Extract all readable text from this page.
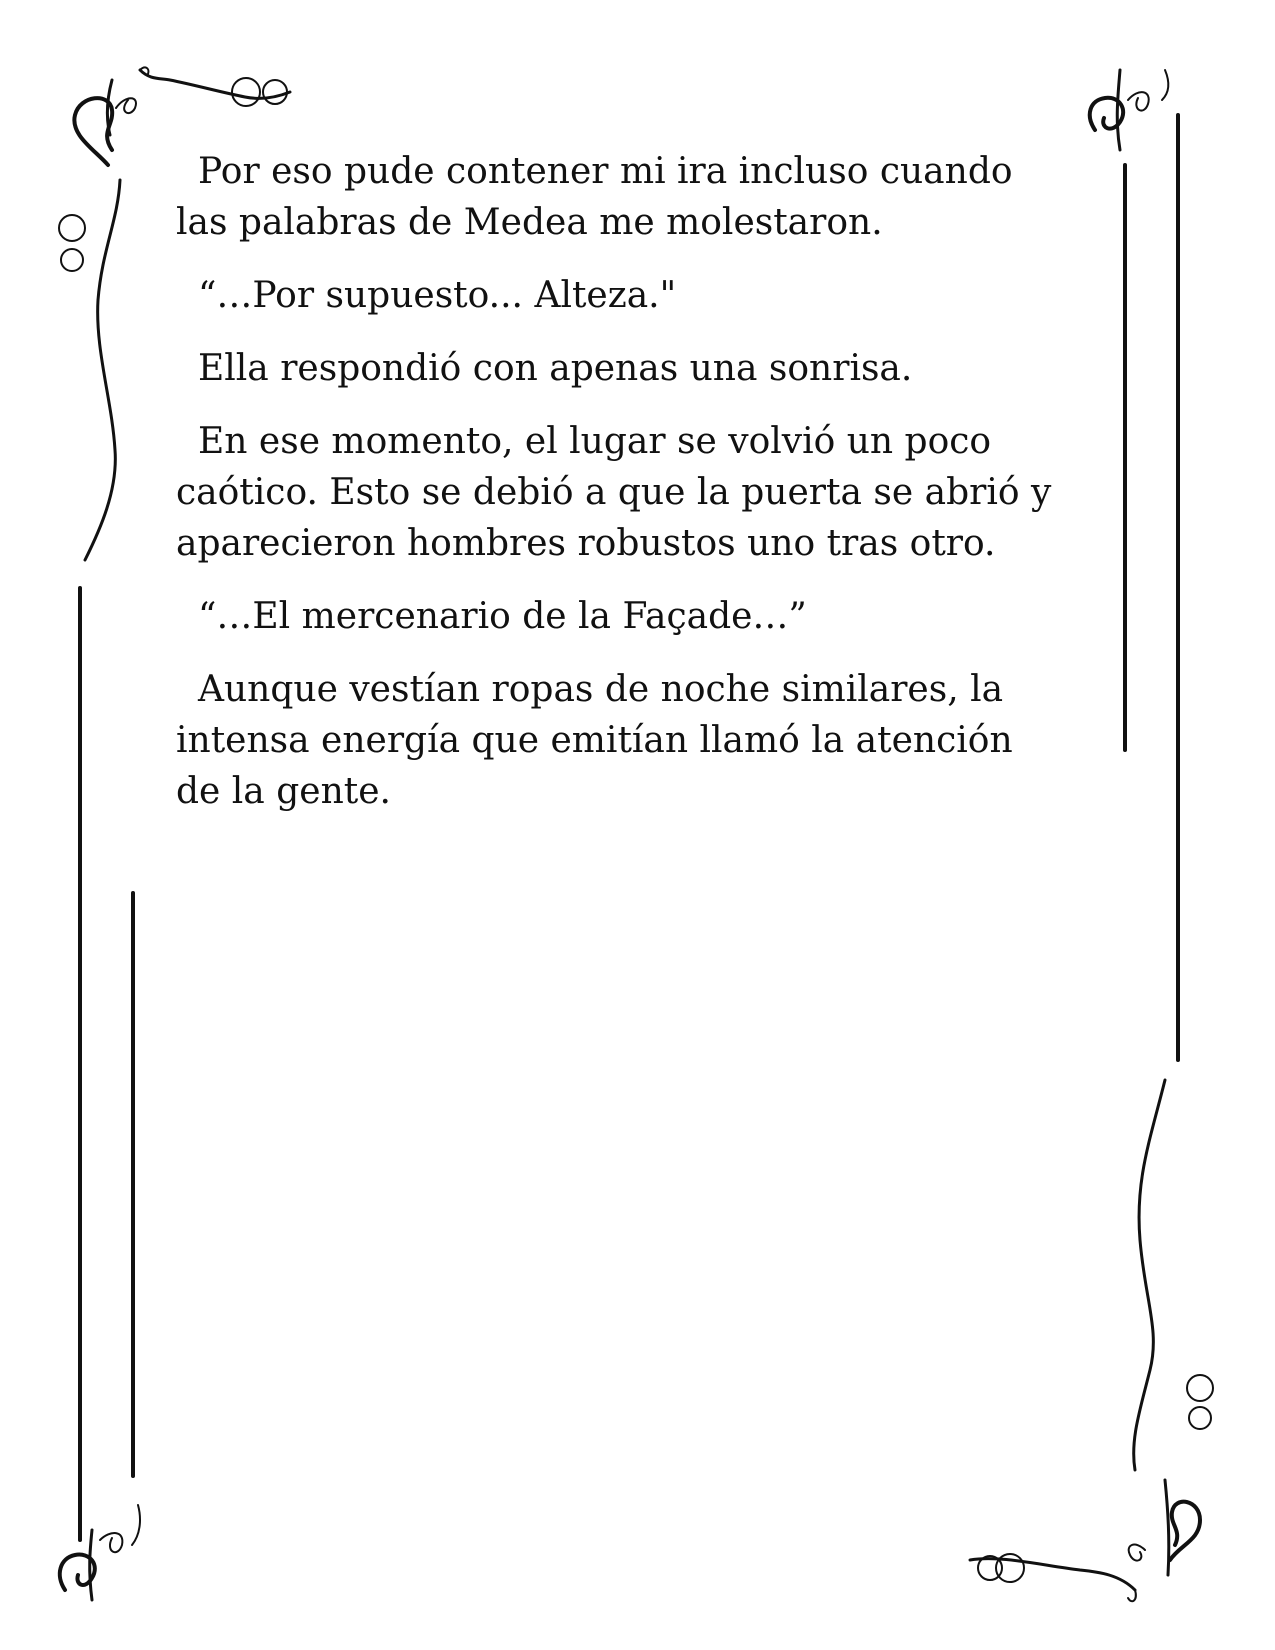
Por eso pude contener mi ira incluso cuando
las palabras de Medea me molestaron.

“…Por supuesto... Alteza."

Ella respondió con apenas una sonrisa.

En ese momento, el lugar se volvió un poco
caótico. Esto se debió a que la puerta se abrió y
aparecieron hombres robustos uno tras otro.

“…El mercenario de la Façade…”

Aunque vestían ropas de noche similares, la
intensa energía que emitían llamó la atención
de la gente.
